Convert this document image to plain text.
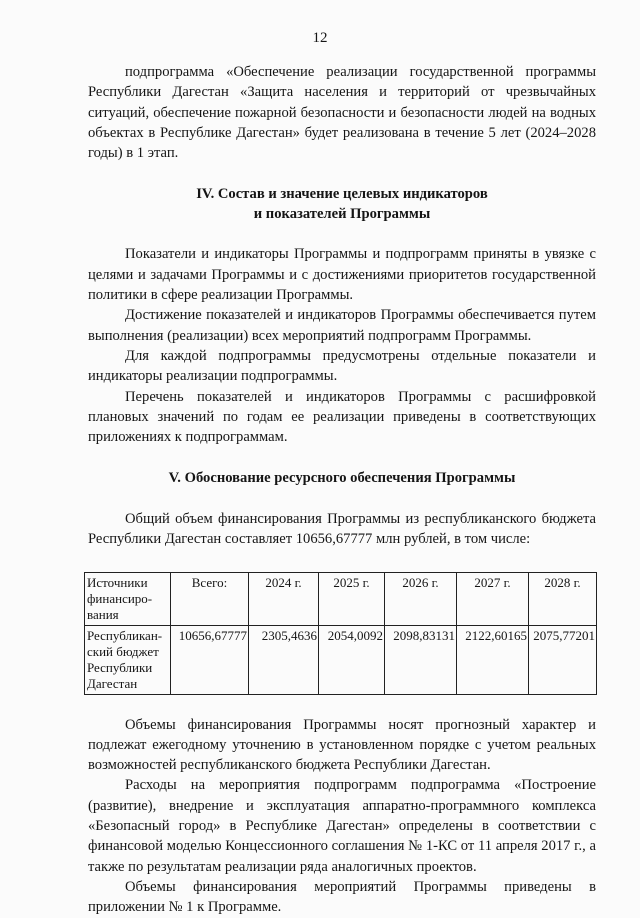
12

подпрограмма «Обеспечение реализации государственной программы Республики Дагестан «Защита населения и территорий от чрезвычайных ситуаций, обеспечение пожарной безопасности и безопасности людей на водных объектах в Республике Дагестан» будет реализована в течение 5 лет (2024–2028 годы) в 1 этап.

IV. Состав и значение целевых индикаторов
и показателей Программы

Показатели и индикаторы Программы и подпрограмм приняты в увязке с целями и задачами Программы и с достижениями приоритетов государственной политики в сфере реализации Программы.

Достижение показателей и индикаторов Программы обеспечивается путем выполнения (реализации) всех мероприятий подпрограмм Программы.

Для каждой подпрограммы предусмотрены отдельные показатели и индикаторы реализации подпрограммы.

Перечень показателей и индикаторов Программы с расшифровкой плановых значений по годам ее реализации приведены в соответствующих приложениях к подпрограммам.

V. Обоснование ресурсного обеспечения Программы

Общий объем финансирования Программы из республиканского бюджета Республики Дагестан составляет 10656,67777 млн рублей, в том числе:

Источники финансиро-вания	Всего:	2024 г.	2025 г.	2026 г.	2027 г.	2028 г.
Республикан-ский бюджет Республики Дагестан	10656,67777	2305,4636	2054,0092	2098,83131	2122,60165	2075,77201

Объемы финансирования Программы носят прогнозный характер и подлежат ежегодному уточнению в установленном порядке с учетом реальных возможностей республиканского бюджета Республики Дагестан.

Расходы на мероприятия подпрограмм подпрограмма «Построение (развитие), внедрение и эксплуатация аппаратно-программного комплекса «Безопасный город» в Республике Дагестан» определены в соответствии с финансовой моделью Концессионного соглашения № 1-КС от 11 апреля 2017 г., а также по результатам реализации ряда аналогичных проектов.

Объемы финансирования мероприятий Программы приведены в приложении № 1 к Программе.
